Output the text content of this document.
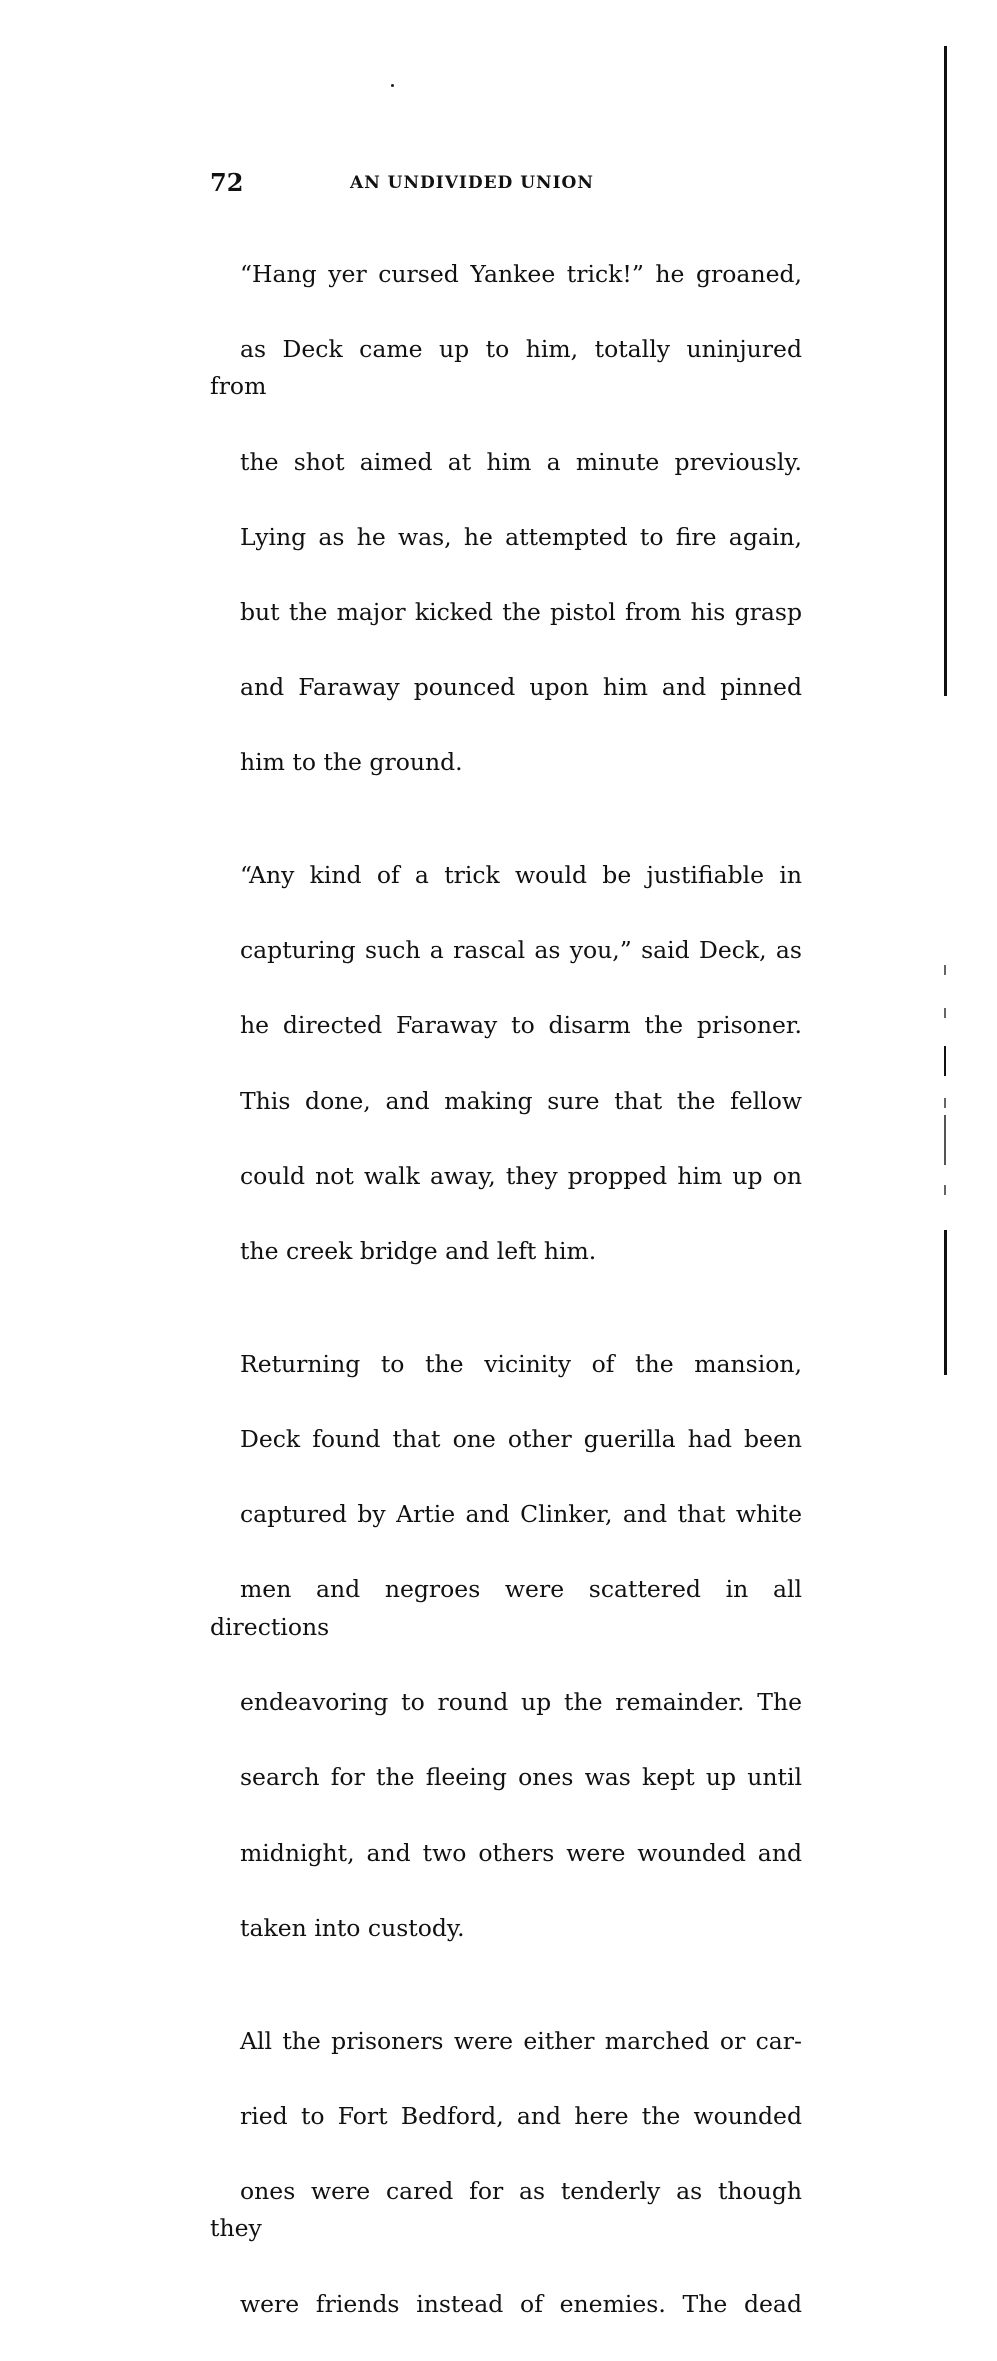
72	AN UNDIVIDED UNION

“Hang yer cursed Yankee trick!” he groaned,

as Deck came up to him, totally uninjured from

the shot aimed at him a minute previously.

Lying as he was, he attempted to fire again,

but the major kicked the pistol from his grasp

and Faraway pounced upon him and pinned

him to the ground.

“Any kind of a trick would be justifiable in

capturing such a rascal as you,” said Deck, as

he directed Faraway to disarm the prisoner.

This done, and making sure that the fellow

could not walk away, they propped him up on

the creek bridge and left him.

Returning to the vicinity of the mansion,

Deck found that one other guerilla had been

captured by Artie and Clinker, and that white

men and negroes were scattered in all directions

endeavoring to round up the remainder. The

search for the fleeing ones was kept up until

midnight, and two others were wounded and

taken into custody.

All the prisoners were either marched or car-

ried to Fort Bedford, and here the wounded

ones were cared for as tenderly as though they

were friends instead of enemies. The dead
